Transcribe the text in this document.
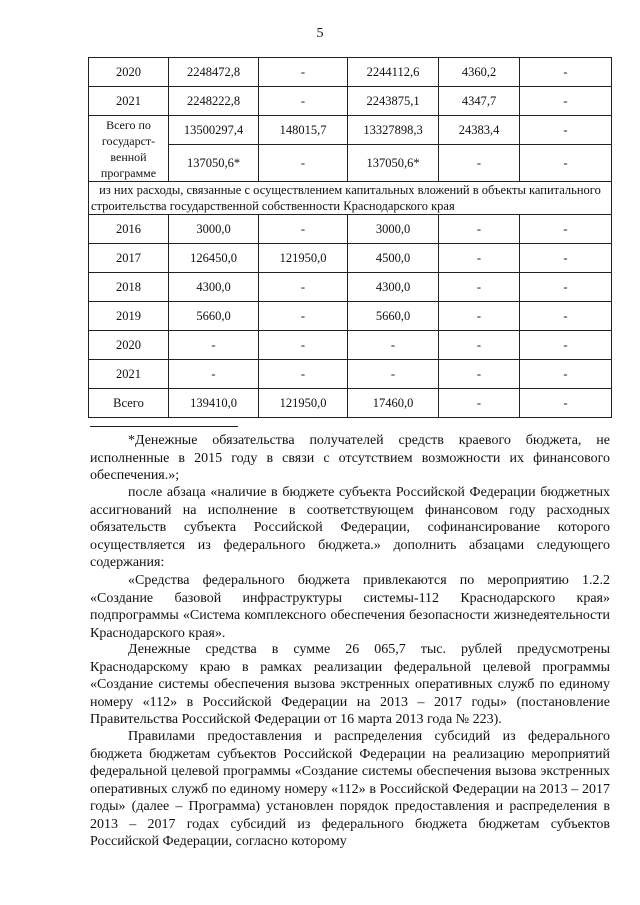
5
2020	2248472,8	-	2244112,6	4360,2	-
2021	2248222,8	-	2243875,1	4347,7	-
Всего по государст-венной программе	13500297,4	148015,7	13327898,3	24383,4	-
	137050,6*	-	137050,6*	-	-
из них расходы, связанные с осуществлением капитальных вложений в объекты капитального строительства государственной собственности Краснодарского края					
2016	3000,0	-	3000,0	-	-
2017	126450,0	121950,0	4500,0	-	-
2018	4300,0	-	4300,0	-	-
2019	5660,0	-	5660,0	-	-
2020	-	-	-	-	-
2021	-	-	-	-	-
Всего	139410,0	121950,0	17460,0	-	-

*Денежные обязательства получателей средств краевого бюджета, не исполненные в 2015 году в связи с отсутствием возможности их финансового обеспечения.»;

после абзаца «наличие в бюджете субъекта Российской Федерации бюджетных ассигнований на исполнение в соответствующем финансовом году расходных обязательств субъекта Российской Федерации, софинансирование которого осуществляется из федерального бюджета.» дополнить абзацами следующего содержания:

«Средства федерального бюджета привлекаются по мероприятию 1.2.2 «Создание базовой инфраструктуры системы-112 Краснодарского края» подпрограммы «Система комплексного обеспечения безопасности жизнедеятельности Краснодарского края».

Денежные средства в сумме 26 065,7 тыс. рублей предусмотрены Краснодарскому краю в рамках реализации федеральной целевой программы «Создание системы обеспечения вызова экстренных оперативных служб по единому номеру «112» в Российской Федерации на 2013 – 2017 годы» (постановление Правительства Российской Федерации от 16 марта 2013 года № 223).

Правилами предоставления и распределения субсидий из федерального бюджета бюджетам субъектов Российской Федерации на реализацию мероприятий федеральной целевой программы «Создание системы обеспечения вызова экстренных оперативных служб по единому номеру «112» в Российской Федерации на 2013 – 2017 годы» (далее – Программа) установлен порядок предоставления и распределения в 2013 – 2017 годах субсидий из федерального бюджета бюджетам субъектов Российской Федерации, согласно которому
